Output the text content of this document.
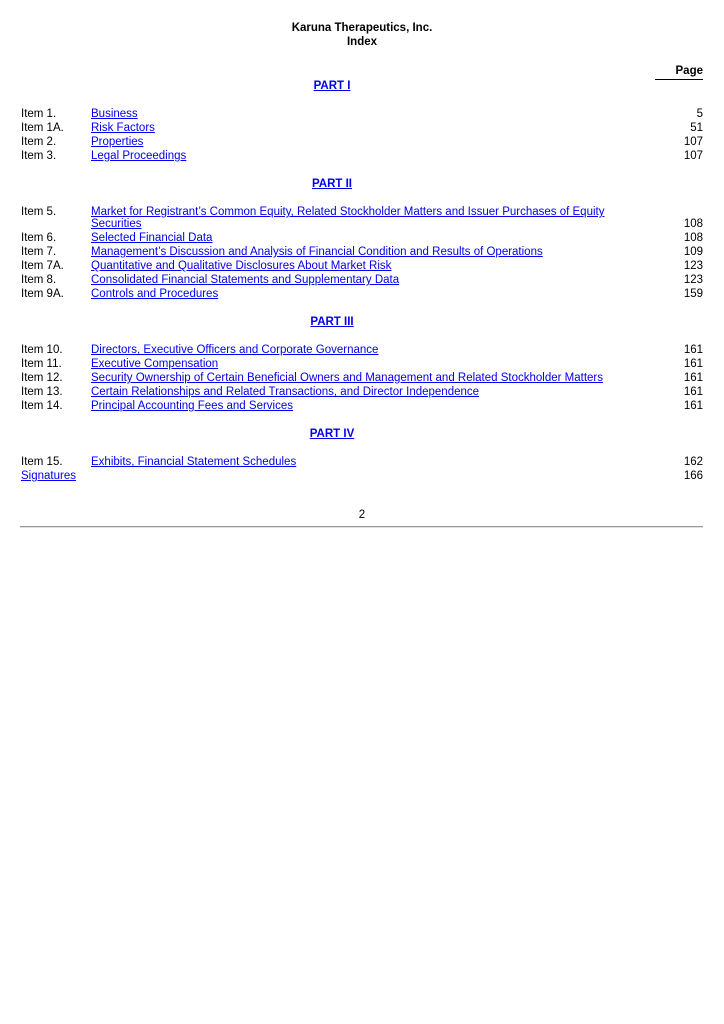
Karuna Therapeutics, Inc.
Index
Page
PART I
Item 1.	Business	5
Item 1A.	Risk Factors	51
Item 2.	Properties	107
Item 3.	Legal Proceedings	107
PART II
Item 5.	Market for Registrant’s Common Equity, Related Stockholder Matters and Issuer Purchases of Equity
Securities	108
Item 6.	Selected Financial Data	108
Item 7.	Management’s Discussion and Analysis of Financial Condition and Results of Operations	109
Item 7A.	Quantitative and Qualitative Disclosures About Market Risk	123
Item 8.	Consolidated Financial Statements and Supplementary Data	123
Item 9A.	Controls and Procedures	159
PART III
Item 10.	Directors, Executive Officers and Corporate Governance	161
Item 11.	Executive Compensation	161
Item 12.	Security Ownership of Certain Beneficial Owners and Management and Related Stockholder Matters	161
Item 13.	Certain Relationships and Related Transactions, and Director Independence	161
Item 14.	Principal Accounting Fees and Services	161
PART IV
Item 15.	Exhibits, Financial Statement Schedules	162
Signatures	166
2
